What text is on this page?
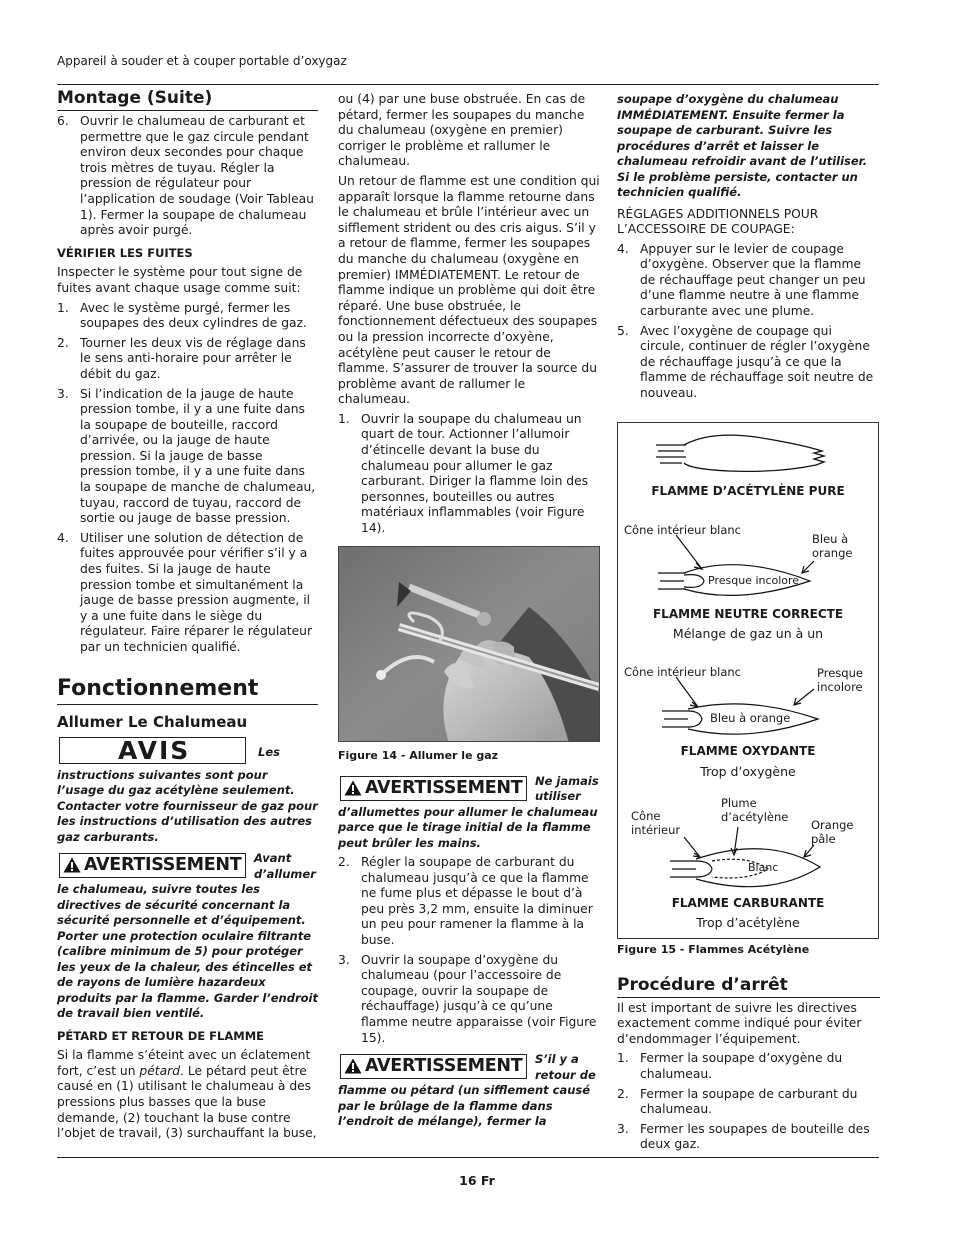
Appareil à souder et à couper portable d’oxygaz
Montage (Suite)
6. Ouvrir le chalumeau de carburant et permettre que le gaz circule pendant environ deux secondes pour chaque trois mètres de tuyau. Régler la pression de régulateur pour l’application de soudage (Voir Tableau 1). Fermer la soupape de chalumeau après avoir purgé.
VÉRIFIER LES FUITES

Inspecter le système pour tout signe de fuites avant chaque usage comme suit:

1. Avec le système purgé, fermer les soupapes des deux cylindres de gaz.
2. Tourner les deux vis de réglage dans le sens anti-horaire pour arrêter le débit du gaz.
3. Si l’indication de la jauge de haute pression tombe, il y a une fuite dans la soupape de bouteille, raccord d’arrivée, ou la jauge de haute pression. Si la jauge de basse pression tombe, il y a une fuite dans la soupape de manche de chalumeau, tuyau, raccord de tuyau, raccord de sortie ou jauge de basse pression.
4. Utiliser une solution de détection de fuites approuvée pour vérifier s’il y a des fuites. Si la jauge de haute pression tombe et simultanément la jauge de basse pression augmente, il y a une fuite dans le siège du régulateur. Faire réparer le régulateur par un technicien qualifié.
Fonctionnement
Allumer Le Chalumeau
AVIS	Les instructions suivantes sont pour l’usage du gaz acétylène seulement. Contacter votre fournisseur de gaz pour les instructions d’utilisation des autres gaz carburants.
AVERTISSEMENT	Avant d’allumer le chalumeau, suivre toutes les directives de sécurité concernant la sécurité personnelle et d’équipement. Porter une protection oculaire filtrante (calibre minimum de 5) pour protéger les yeux de la chaleur, des étincelles et de rayons de lumière hazardeux produits par la flamme. Garder l’endroit de travail bien ventilé.
PÉTARD ET RETOUR DE FLAMME

Si la flamme s’éteint avec un éclatement fort, c’est un pétard. Le pétard peut être causé en (1) utilisant le chalumeau à des pressions plus basses que la buse demande, (2) touchant la buse contre l’objet de travail, (3) surchauffant la buse,

ou (4) par une buse obstruée. En cas de pétard, fermer les soupapes du manche du chalumeau (oxygène en premier) corriger le problème et rallumer le chalumeau.

Un retour de flamme est une condition qui apparaît lorsque la flamme retourne dans le chalumeau et brûle l’intérieur avec un sifflement strident ou des cris aigus. S’il y a retour de flamme, fermer les soupapes du manche du chalumeau (oxygène en premier) IMMÉDIATEMENT. Le retour de flamme indique un problème qui doit être réparé. Une buse obstruée, le fonctionnement défectueux des soupapes ou la pression incorrecte d’oxyène, acétylène peut causer le retour de flamme. S’assurer de trouver la source du problème avant de rallumer le chalumeau.

1. Ouvrir la soupape du chalumeau un quart de tour. Actionner l’allumoir d’étincelle devant la buse du chalumeau pour allumer le gaz carburant. Diriger la flamme loin des personnes, bouteilles ou autres matériaux inflammables (voir Figure 14).
Figure 14 - Allumer le gaz
AVERTISSEMENT	Ne jamais utiliser d’allumettes pour allumer le chalumeau parce que le tirage initial de la flamme peut brûler les mains.
2. Régler la soupape de carburant du chalumeau jusqu’à ce que la flamme ne fume plus et dépasse le bout d’à peu près 3,2 mm, ensuite la diminuer un peu pour ramener la flamme à la buse.
3. Ouvrir la soupape d’oxygène du chalumeau (pour l’accessoire de coupage, ouvrir la soupape de réchauffage) jusqu’à ce qu’une flamme neutre apparaisse (voir Figure 15).
AVERTISSEMENT	S’il y a retour de flamme ou pétard (un sifflement causé par le brûlage de la flamme dans l’endroit de mélange), fermer la
soupape d’oxygène du chalumeau IMMÉDIATEMENT. Ensuite fermer la soupape de carburant. Suivre les procédures d’arrêt et laisser le chalumeau refroidir avant de l’utiliser. Si le problème persiste, contacter un technicien qualifié.

RÉGLAGES ADDITIONNELS POUR L’ACCESSOIRE DE COUPAGE:

4. Appuyer sur le levier de coupage d’oxygène. Observer que la flamme de réchauffage peut changer un peu d’une flamme neutre à une flamme carburante avec une plume.
5. Avec l’oxygène de coupage qui circule, continuer de régler l’oxygène de réchauffage jusqu’à ce que la flamme de réchauffage soit neutre de nouveau.
FLAMME D’ACÉTYLÈNE PURE
Cône intérieur blanc
Bleu à
orange
Presque incolore
FLAMME NEUTRE CORRECTE
Mélange de gaz un à un
Cône intérieur blanc	Presque
incolore
Bleu à orange
FLAMME OXYDANTE
Trop d’oxygène
Plume
d’acétylène
Cône
intérieur	Orange
pâle
Blanc
FLAMME CARBURANTE
Trop d’acétylène
Figure 15 - Flammes Acétylène
Procédure d’arrêt

Il est important de suivre les directives exactement comme indiqué pour éviter d’endommager l’équipement.

1. Fermer la soupape d’oxygène du chalumeau.
2. Fermer la soupape de carburant du chalumeau.
3. Fermer les soupapes de bouteille des deux gaz.
16 Fr
